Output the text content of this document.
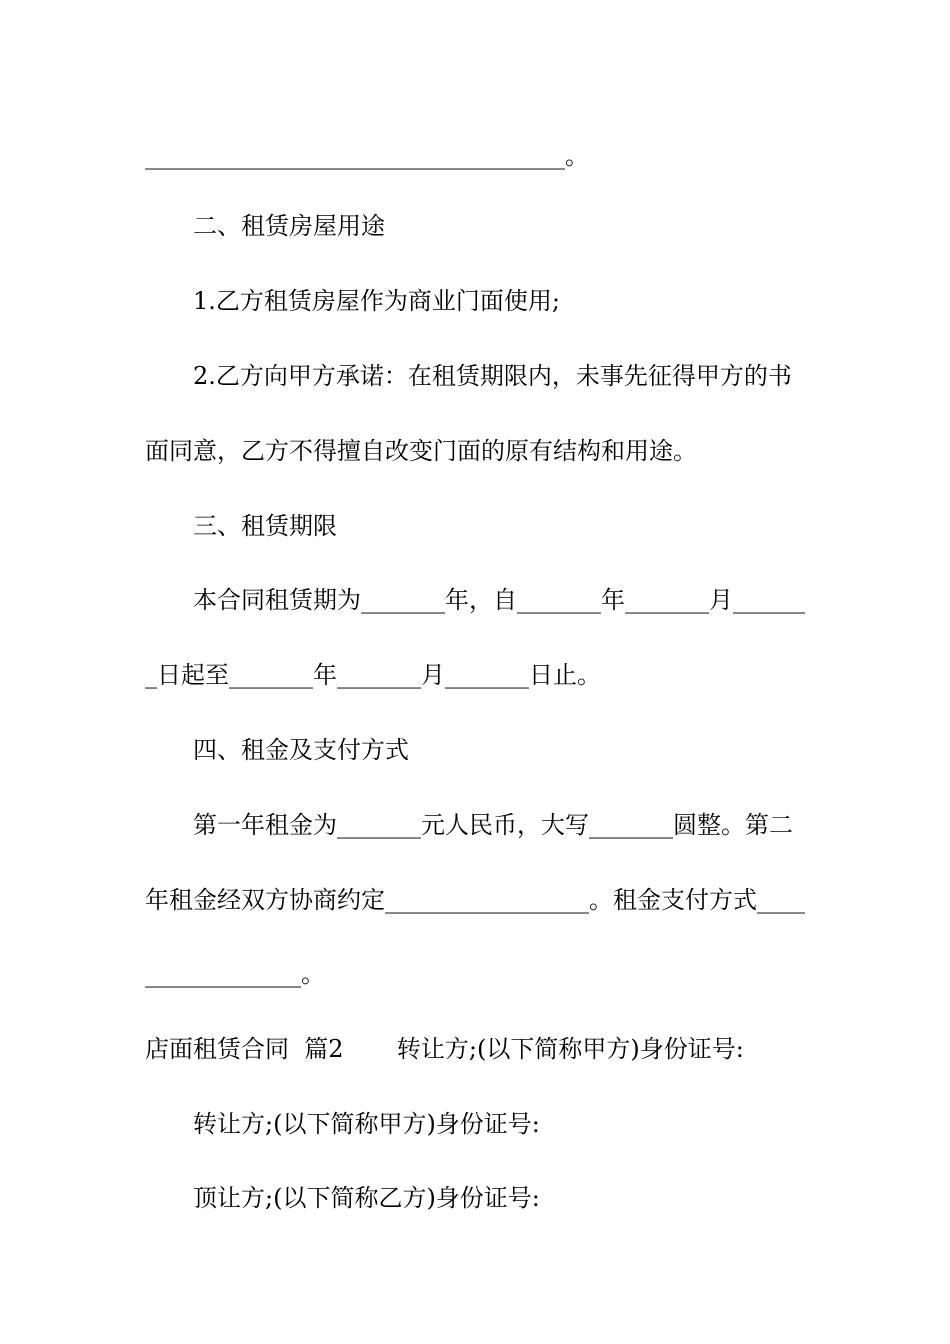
___________________________________。
二、租赁房屋用途
1.乙方租赁房屋作为商业门面使用;
2.乙方向甲方承诺：在租赁期限内，未事先征得甲方的书
面同意，乙方不得擅自改变门面的原有结构和用途。
三、租赁期限
本合同租赁期为_______年，自_______年_______月______
_日起至_______年_______月_______日止。
四、租金及支付方式
第一年租金为_______元人民币，大写_______圆整。第二
年租金经双方协商约定_________________。租金支付方式____
_____________。
店面租赁合同  篇2       转让方;(以下简称甲方)身份证号:
转让方;(以下简称甲方)身份证号:
顶让方;(以下简称乙方)身份证号:
